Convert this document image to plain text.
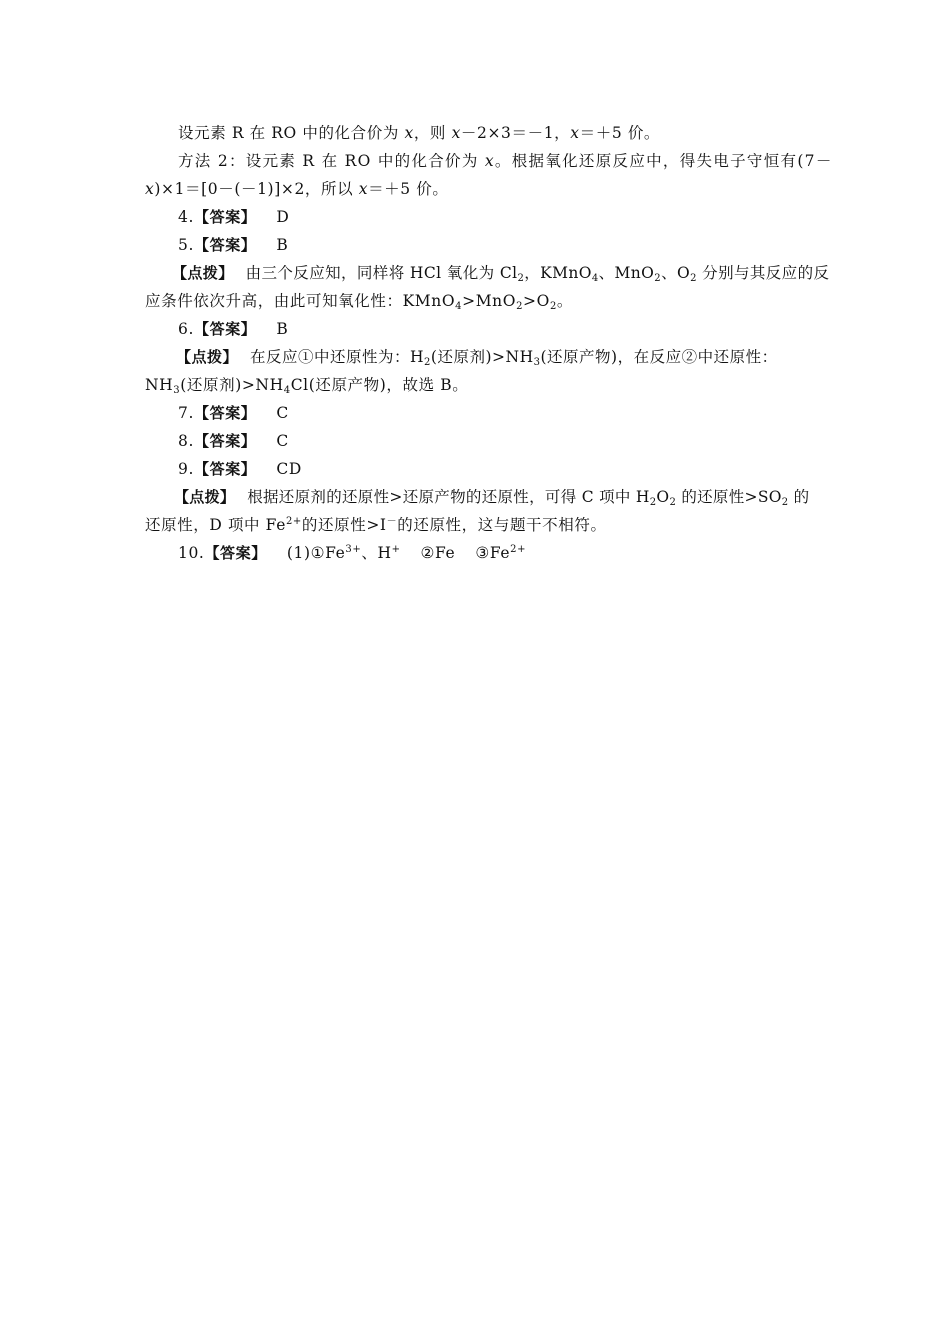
设元素 R 在 RO 中的化合价为 x，则 x－2×3＝－1，x＝＋5 价。
方法 2：设元素 R 在 RO 中的化合价为 x。根据氧化还原反应中，得失电子守恒有(7－
x)×1＝[0－(－1)]×2，所以 x＝＋5 价。
4.【答案】 D
5.【答案】 B
【点拨】 由三个反应知，同样将 HCl 氧化为 $Cl_2$，KMnO$_4$、MnO$_2$、$O_2$ 分别与其反应的反
应条件依次升高，由此可知氧化性：$KMnO_4>MnO_2>O_2$。
6.【答案】 B
【点拨】 在反应①中还原性为：$H_2$(还原剂)$>NH_3$(还原产物)，在反应②中还原性：
$NH_3$(还原剂)$>NH_4Cl$(还原产物)，故选 B。
7.【答案】 C
8.【答案】 C
9.【答案】 CD
【点拨】 根据还原剂的还原性>还原产物的还原性，可得 C 项中 $H_2O_2$ 的还原性$>SO_2$ 的
还原性，D 项中 $Fe^{2+}$的还原性>I－的还原性，这与题干不相符。
10.【答案】 $(1)①Fe^{3+}$、H+ ②Fe $③Fe^{2+}$
